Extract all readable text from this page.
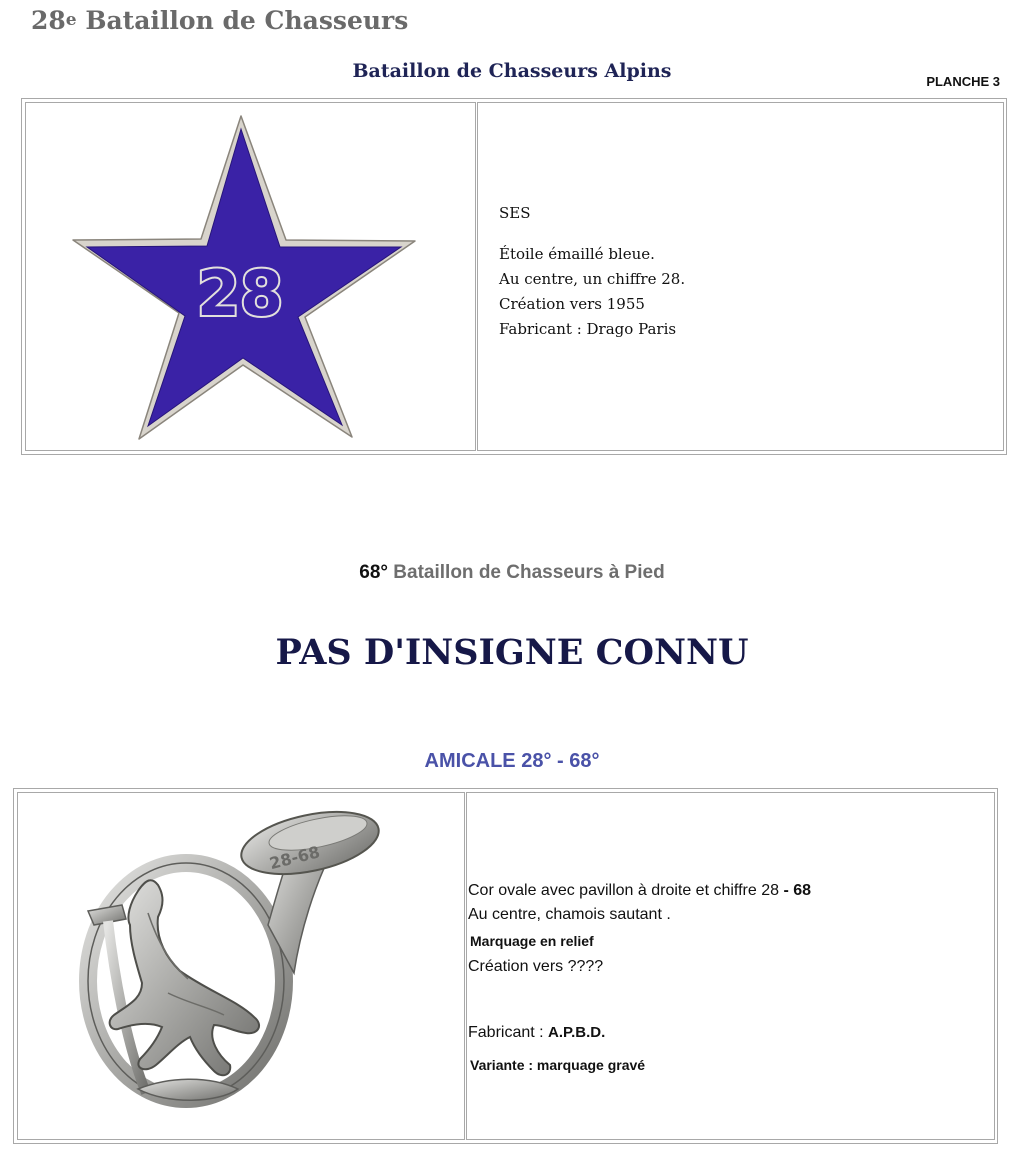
28e Bataillon de Chasseurs
Bataillon de Chasseurs Alpins	PLANCHE 3
28

SES

Étoile émaillé bleue.

Au centre, un chiffre 28.

Création vers 1955

Fabricant : Drago Paris

68° Bataillon de Chasseurs à Pied
PAS D'INSIGNE CONNU
AMICALE 28° - 68°
28-68

Cor ovale avec pavillon à droite et chiffre 28 - 68

Au centre, chamois sautant .

Marquage en relief

Création vers ????

Fabricant : A.P.B.D.

Variante : marquage gravé
